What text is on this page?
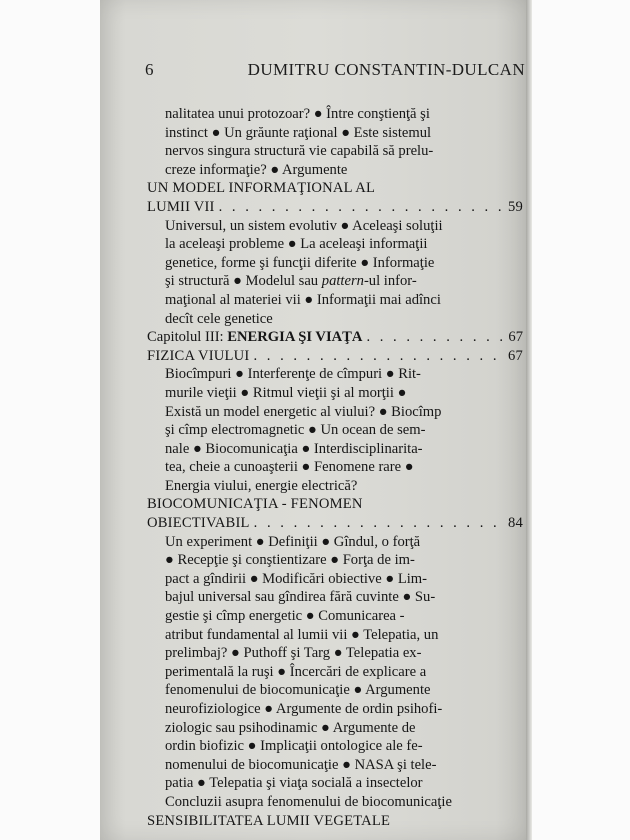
6	DUMITRU CONSTANTIN-DULCAN
nalitatea unui protozoar? ● Între conştienţă şi
instinct ● Un grăunte raţional ● Este sistemul
nervos singura structură vie capabilă să prelu-
creze informaţie? ● Argumente
UN MODEL INFORMAŢIONAL AL
LUMII VII . . .	59
Universul, un sistem evolutiv ● Aceleaşi soluţii
la aceleaşi probleme ● La aceleaşi informaţii
genetice, forme şi funcţii diferite ● Informaţie
şi structură ● Modelul sau pattern-ul infor-
maţional al materiei vii ● Informaţii mai adînci
decît cele genetice
Capitolul III: ENERGIA ŞI VIAŢA . . .	67
FIZICA VIULUI . . .	67
Biocîmpuri ● Interferenţe de cîmpuri ● Rit-
murile vieţii ● Ritmul vieţii şi al morţii ●
Există un model energetic al viului? ● Biocîmp
şi cîmp electromagnetic ● Un ocean de sem-
nale ● Biocomunicaţia ● Interdisciplinarita-
tea, cheie a cunoaşterii ● Fenomene rare ●
Energia viului, energie electrică?
BIOCOMUNICAŢIA - FENOMEN
OBIECTIVABIL . . .	84
Un experiment ● Definiţii ● Gîndul, o forţă
● Recepţie şi conştientizare ● Forţa de im-
pact a gîndirii ● Modificări obiective ● Lim-
bajul universal sau gîndirea fără cuvinte ● Su-
gestie şi cîmp energetic ● Comunicarea -
atribut fundamental al lumii vii ● Telepatia, un
prelimbaj? ● Puthoff şi Targ ● Telepatia ex-
perimentală la ruşi ● Încercări de explicare a
fenomenului de biocomunicaţie ● Argumente
neurofiziologice ● Argumente de ordin psihofi-
ziologic sau psihodinamic ● Argumente de
ordin biofizic ● Implicaţii ontologice ale fe-
nomenului de biocomunicaţie ● NASA şi tele-
patia ● Telepatia şi viaţa socială a insectelor
Concluzii asupra fenomenului de biocomunicaţie
SENSIBILITATEA LUMII VEGETALE
